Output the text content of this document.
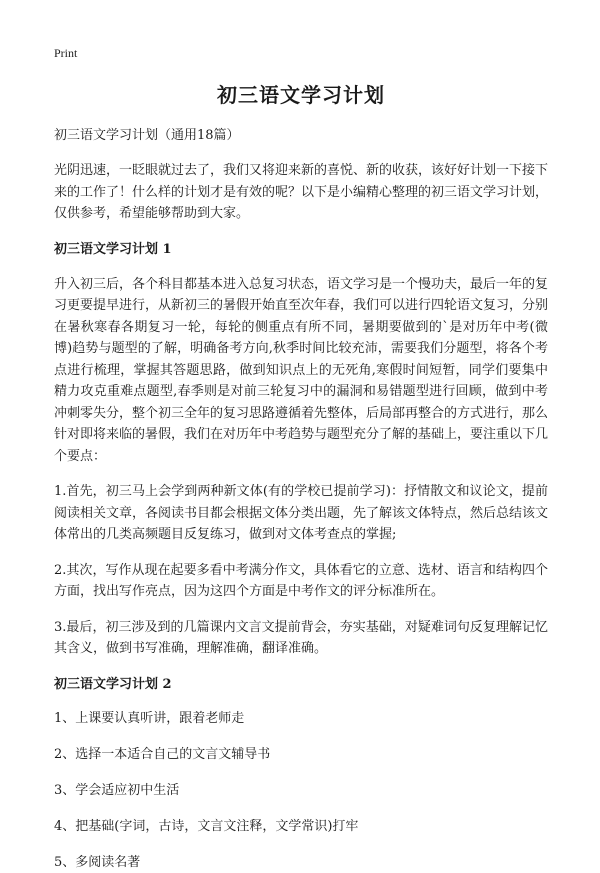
Print
初三语文学习计划
初三语文学习计划（通用18篇）

光阴迅速，一眨眼就过去了，我们又将迎来新的喜悦、新的收获，该好好计划一下接下来的工作了！什么样的计划才是有效的呢？以下是小编精心整理的初三语文学习计划，仅供参考，希望能够帮助到大家。

初三语文学习计划 1

升入初三后，各个科目都基本进入总复习状态，语文学习是一个慢功夫，最后一年的复习更要提早进行，从新初三的暑假开始直至次年春，我们可以进行四轮语文复习，分别在暑秋寒春各期复习一轮，每轮的侧重点有所不同，暑期要做到的`是对历年中考(微博)趋势与题型的了解，明确备考方向,秋季时间比较充沛，需要我们分题型，将各个考点进行梳理，掌握其答题思路，做到知识点上的无死角,寒假时间短暂，同学们要集中精力攻克重难点题型,春季则是对前三轮复习中的漏洞和易错题型进行回顾，做到中考冲刺零失分，整个初三全年的复习思路遵循着先整体，后局部再整合的方式进行，那么针对即将来临的暑假，我们在对历年中考趋势与题型充分了解的基础上，要注重以下几个要点：

1.首先，初三马上会学到两种新文体(有的学校已提前学习)：抒情散文和议论文，提前阅读相关文章，各阅读书目都会根据文体分类出题，先了解该文体特点，然后总结该文体常出的几类高频题目反复练习，做到对文体考查点的掌握;

2.其次，写作从现在起要多看中考满分作文，具体看它的立意、选材、语言和结构四个方面，找出写作亮点，因为这四个方面是中考作文的评分标准所在。

3.最后，初三涉及到的几篇课内文言文提前背会，夯实基础，对疑难词句反复理解记忆其含义，做到书写准确，理解准确，翻译准确。

初三语文学习计划 2
1、上课要认真听讲，跟着老师走
2、选择一本适合自己的文言文辅导书
3、学会适应初中生活
4、把基础(字词，古诗，文言文注释，文学常识)打牢
5、多阅读名著
